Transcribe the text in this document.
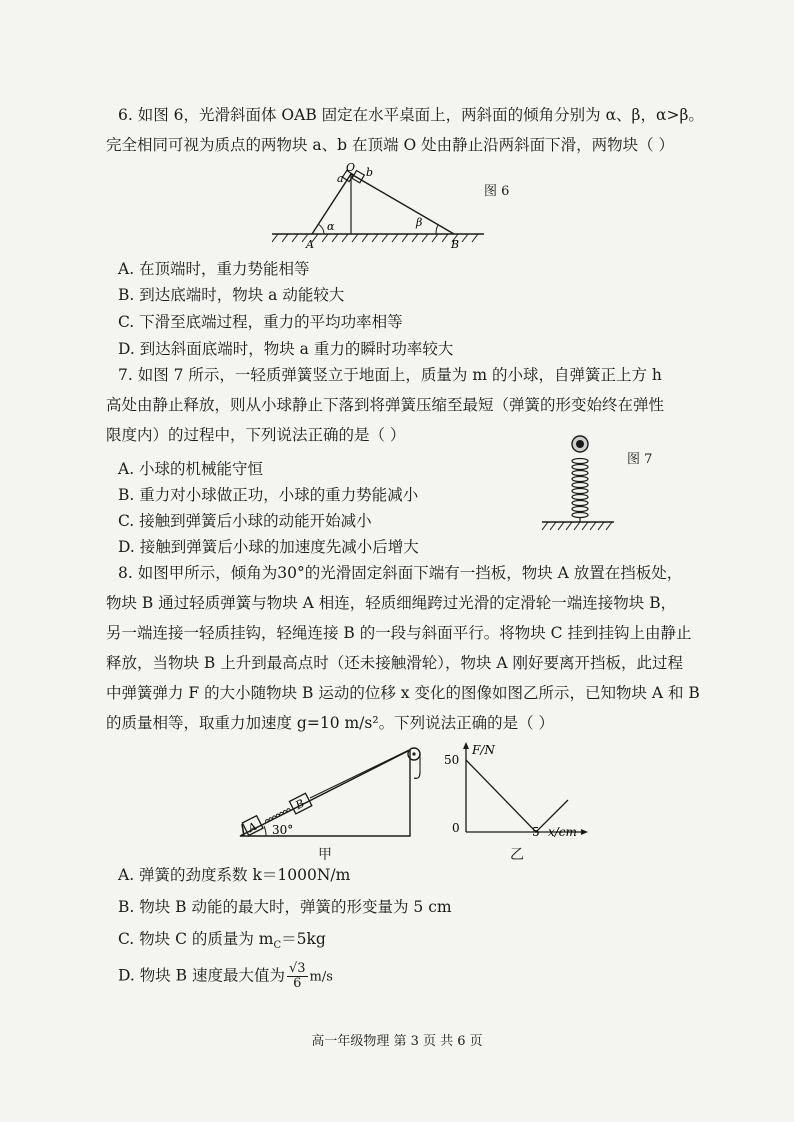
6. 如图 6，光滑斜面体 OAB 固定在水平桌面上，两斜面的倾角分别为 α、β，α>β。
完全相同可视为质点的两物块 a、b 在顶端 O 处由静止沿两斜面下滑，两物块（ ）
O
a b
α	β
A	B
图 6
A. 在顶端时，重力势能相等
B. 到达底端时，物块 a 动能较大
C. 下滑至底端过程，重力的平均功率相等
D. 到达斜面底端时，物块 a 重力的瞬时功率较大
7. 如图 7 所示，一轻质弹簧竖立于地面上，质量为 m 的小球，自弹簧正上方 h
高处由静止释放，则从小球静止下落到将弹簧压缩至最短（弹簧的形变始终在弹性
限度内）的过程中，下列说法正确的是（ ）
图 7
A. 小球的机械能守恒
B. 重力对小球做正功，小球的重力势能减小
C. 接触到弹簧后小球的动能开始减小
D. 接触到弹簧后小球的加速度先减小后增大
8. 如图甲所示，倾角为30°的光滑固定斜面下端有一挡板，物块 A 放置在挡板处，
物块 B 通过轻质弹簧与物块 A 相连，轻质细绳跨过光滑的定滑轮一端连接物块 B，
另一端连接一轻质挂钩，轻绳连接 B 的一段与斜面平行。将物块 C 挂到挂钩上由静止
释放，当物块 B 上升到最高点时（还未接触滑轮），物块 A 刚好要离开挡板，此过程
中弹簧弹力 F 的大小随物块 B 运动的位移 x 变化的图像如图乙所示，已知物块 A 和 B
的质量相等，取重力加速度 g=10 m/s²。下列说法正确的是（ ）
A
B
30°
甲
F/N
50
0	5 x/cm
乙
A. 弹簧的劲度系数 k＝1000N/m
B. 物块 B 动能的最大时，弹簧的形变量为 5 cm
C. 物块 C 的质量为 $m_C=5kg$
D. 物块 B 速度最大值为 $\frac{√3}{6} m/s$
高一年级物理 第 3 页 共 6 页
